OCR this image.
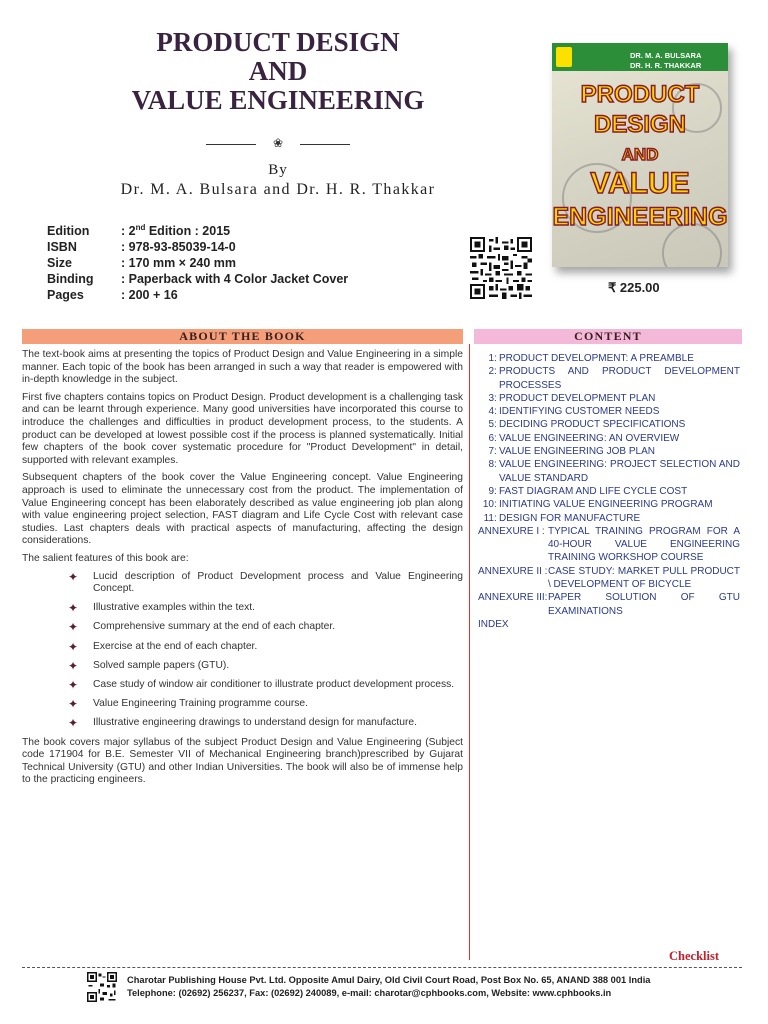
PRODUCT DESIGN
AND
VALUE ENGINEERING
❀
By
Dr. M. A. Bulsara and Dr. H. R. Thakkar
Edition	: 2nd Edition : 2015
ISBN	: 978-93-85039-14-0
Size	: 170 mm × 240 mm
Binding : Paperback with 4 Color Jacket Cover
Pages	: 200 + 16
DR. M. A. BULSARA
DR. H. R. THAKKAR
PRODUCT
DESIGN
AND
VALUE
ENGINEERING
₹ 225.00
ABOUT THE BOOK	CONTENT

The text-book aims at presenting the topics of Product Design and Value Engineering in a simple manner. Each topic of the book has been arranged in such a way that reader is empowered with in-depth knowledge in the subject.

First five chapters contains topics on Product Design. Product development is a challenging task and can be learnt through experience. Many good universities have incorporated this course to introduce the challenges and difficulties in product development process, to the students. A product can be developed at lowest possible cost if the process is planned systematically. Initial few chapters of the book cover systematic procedure for "Product Development" in detail, supported with relevant examples.

Subsequent chapters of the book cover the Value Engineering concept. Value Engineering approach is used to eliminate the unnecessary cost from the product. The implementation of Value Engineering concept has been elaborately described as value engineering job plan along with value engineering project selection, FAST diagram and Life Cycle Cost with relevant case studies. Last chapters deals with practical aspects of manufacturing, affecting the design considerations.

The salient features of this book are:

✦ Lucid description of Product Development process and Value Engineering Concept.
✦ Illustrative examples within the text.
✦ Comprehensive summary at the end of each chapter.
✦ Exercise at the end of each chapter.
✦ Solved sample papers (GTU).
✦ Case study of window air conditioner to illustrate product development process.
✦ Value Engineering Training programme course.
✦ Illustrative engineering drawings to understand design for manufacture.

The book covers major syllabus of the subject Product Design and Value Engineering (Subject code 171904 for B.E. Semester VII of Mechanical Engineering branch)prescribed by Gujarat Technical University (GTU) and other Indian Universities. The book will also be of immense help to the practicing engineers.

1 : PRODUCT DEVELOPMENT: A PREAMBLE
2 : PRODUCTS AND PRODUCT DEVELOPMENT PROCESSES
3 : PRODUCT DEVELOPMENT PLAN
4 : IDENTIFYING CUSTOMER NEEDS
5 : DECIDING PRODUCT SPECIFICATIONS
6 : VALUE ENGINEERING: AN OVERVIEW
7 : VALUE ENGINEERING JOB PLAN
8 : VALUE ENGINEERING: PROJECT SELECTION AND VALUE STANDARD
9 : FAST DIAGRAM AND LIFE CYCLE COST
10 : INITIATING VALUE ENGINEERING PROGRAM
11 : DESIGN FOR MANUFACTURE
ANNEXURE I : TYPICAL TRAINING PROGRAM FOR A 40-HOUR VALUE ENGINEERING TRAINING WORKSHOP COURSE
ANNEXURE II : CASE STUDY: MARKET PULL PRODUCT \ DEVELOPMENT OF BICYCLE
ANNEXURE III: PAPER SOLUTION OF GTU EXAMINATIONS
INDEX
Checklist
Charotar Publishing House Pvt. Ltd. Opposite Amul Dairy, Old Civil Court Road, Post Box No. 65, ANAND 388 001 India
Telephone: (02692) 256237, Fax: (02692) 240089, e-mail: charotar@cphbooks.com, Website: www.cphbooks.in
